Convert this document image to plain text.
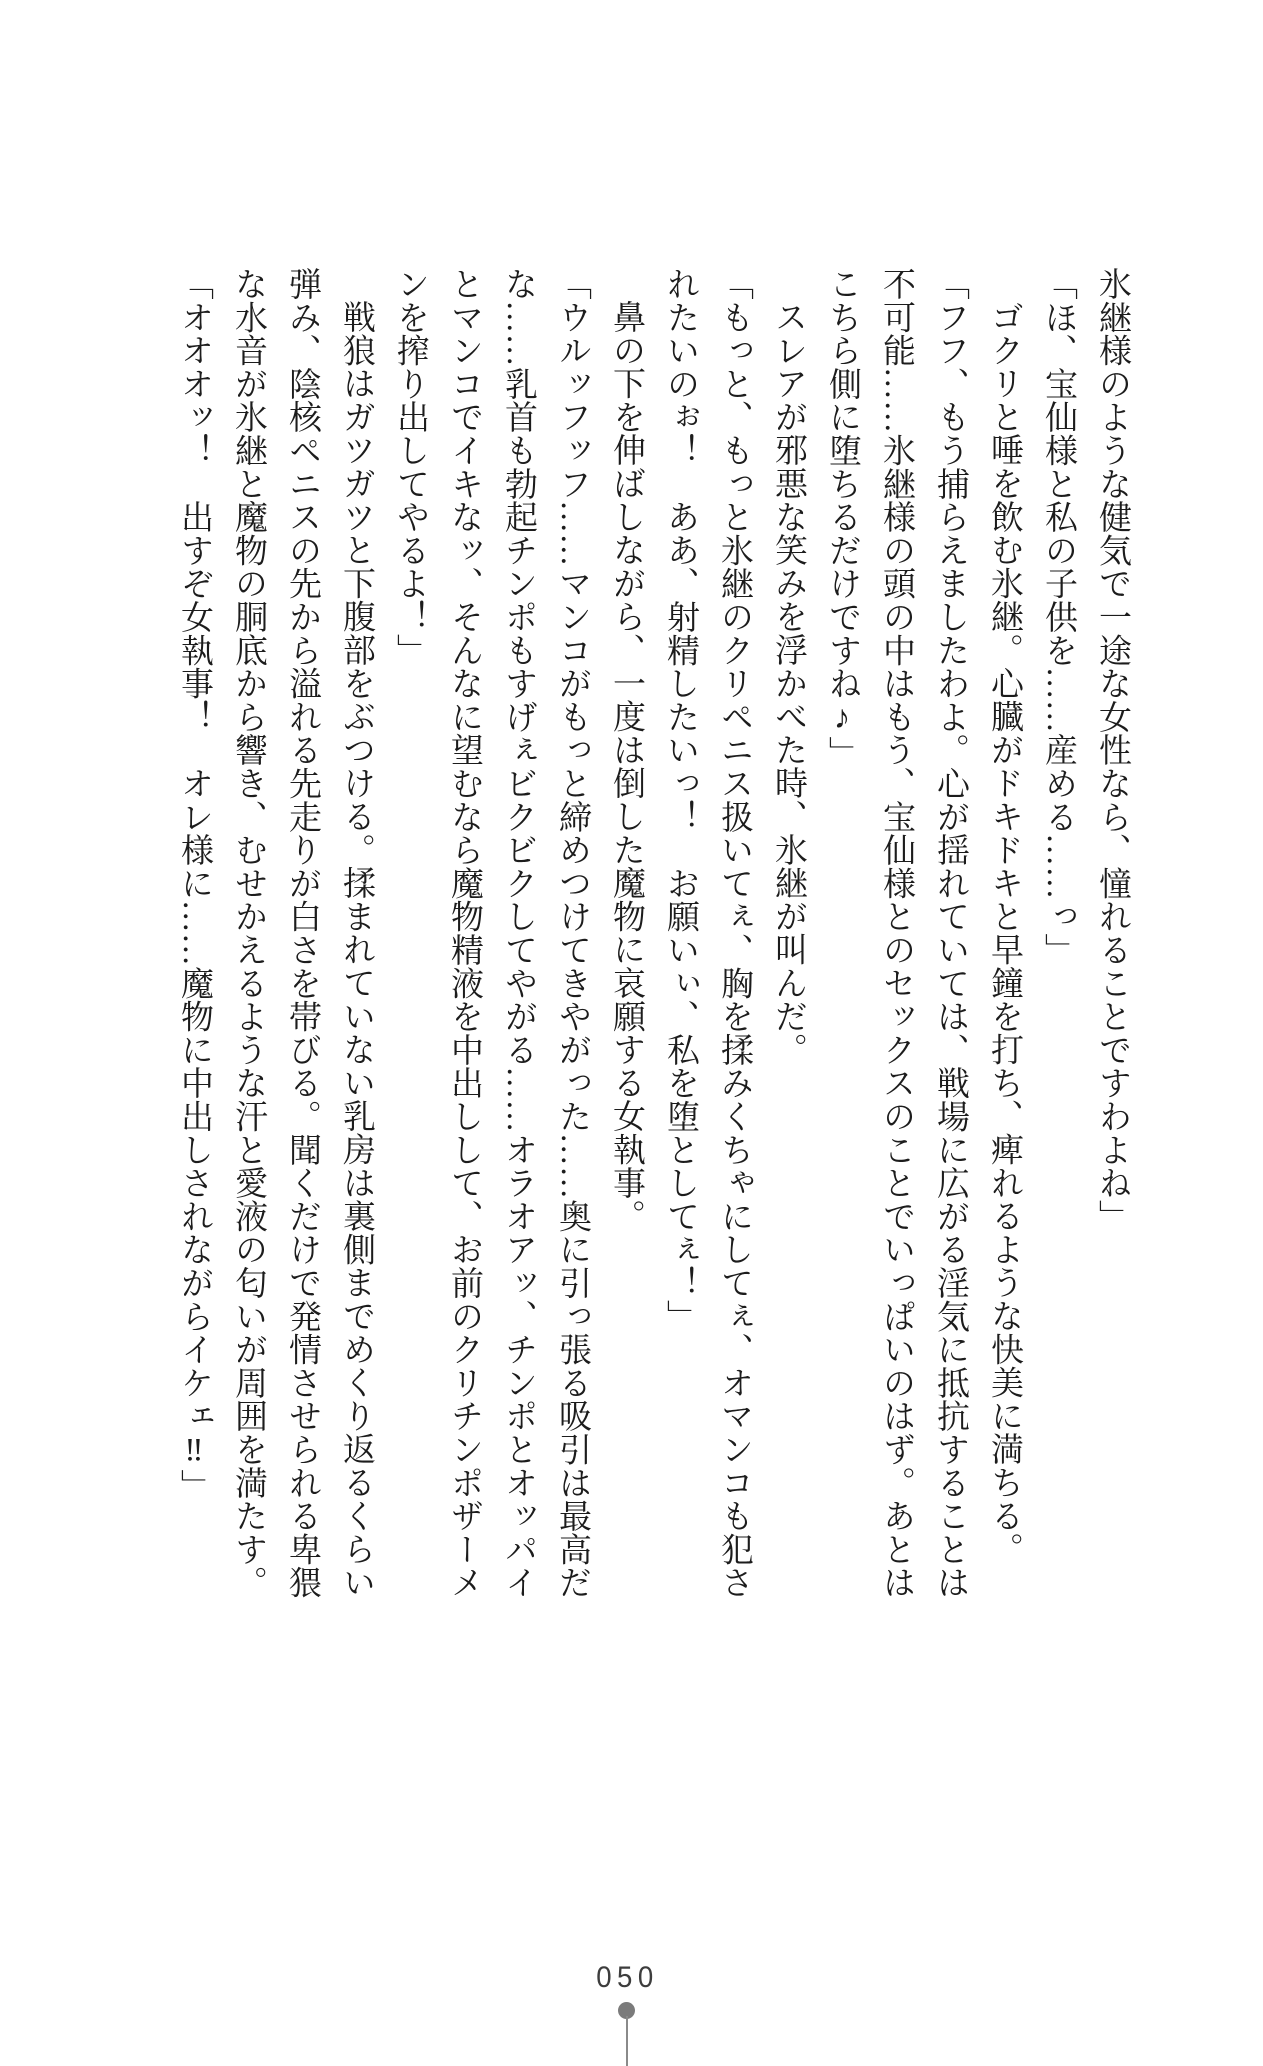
氷継様のような健気で一途な女性なら、憧れることですわよね」

「ほ、宝仙様と私の子供を……産める……っ」

ゴクリと唾を飲む氷継。心臓がドキドキと早鐘を打ち、痺れるような快美に満ちる。

「フフ、もう捕らえましたわよ。心が揺れていては、戦場に広がる淫気に抵抗することは

不可能……氷継様の頭の中はもう、宝仙様とのセックスのことでいっぱいのはず。あとは

こちら側に堕ちるだけですね♪」

スレアが邪悪な笑みを浮かべた時、氷継が叫んだ。

「もっと、もっと氷継のクリペニス扱いてぇ、胸を揉みくちゃにしてぇ、オマンコも犯さ

れたいのぉ！　ああ、射精したいっ！　お願いぃ、私を堕としてぇ！」

鼻の下を伸ばしながら、一度は倒した魔物に哀願する女執事。

「ウルッフッフ……マンコがもっと締めつけてきやがった……奥に引っ張る吸引は最高だ

な……乳首も勃起チンポもすげぇビクビクしてやがる……オラオアッ、チンポとオッパイ

とマンコでイキなッ、そんなに望むなら魔物精液を中出しして、お前のクリチンポザーメ

ンを搾り出してやるよ！」

戦狼はガツガツと下腹部をぶつける。揉まれていない乳房は裏側までめくり返るくらい

弾み、陰核ペニスの先から溢れる先走りが白さを帯びる。聞くだけで発情させられる卑猥

な水音が氷継と魔物の胴底から響き、むせかえるような汗と愛液の匂いが周囲を満たす。

「オオオッ！　出すぞ女執事！　オレ様に……魔物に中出しされながらイケェ‼」

050
